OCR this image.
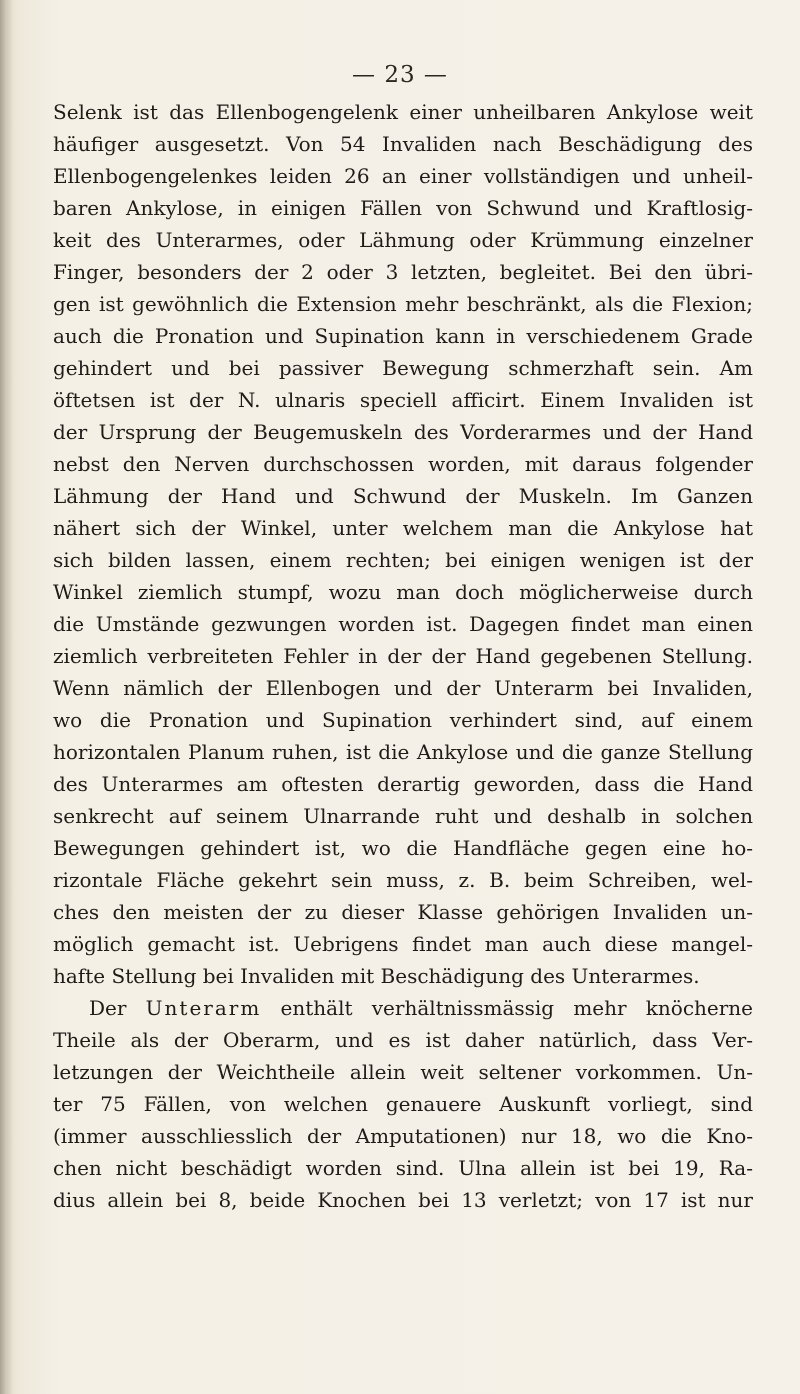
— 23 —
Selenk ist das Ellenbogengelenk einer unheilbaren Ankylose weit
häufiger ausgesetzt. Von 54 Invaliden nach Beschädigung des
Ellenbogengelenkes leiden 26 an einer vollständigen und unheil-
baren Ankylose, in einigen Fällen von Schwund und Kraftlosig-
keit des Unterarmes, oder Lähmung oder Krümmung einzelner
Finger, besonders der 2 oder 3 letzten, begleitet. Bei den übri-
gen ist gewöhnlich die Extension mehr beschränkt, als die Flexion;
auch die Pronation und Supination kann in verschiedenem Grade
gehindert und bei passiver Bewegung schmerzhaft sein. Am
öftetsen ist der N. ulnaris speciell afficirt. Einem Invaliden ist
der Ursprung der Beugemuskeln des Vorderarmes und der Hand
nebst den Nerven durchschossen worden, mit daraus folgender
Lähmung der Hand und Schwund der Muskeln. Im Ganzen
nähert sich der Winkel, unter welchem man die Ankylose hat
sich bilden lassen, einem rechten; bei einigen wenigen ist der
Winkel ziemlich stumpf, wozu man doch möglicherweise durch
die Umstände gezwungen worden ist. Dagegen findet man einen
ziemlich verbreiteten Fehler in der der Hand gegebenen Stellung.
Wenn nämlich der Ellenbogen und der Unterarm bei Invaliden,
wo die Pronation und Supination verhindert sind, auf einem
horizontalen Planum ruhen, ist die Ankylose und die ganze Stellung
des Unterarmes am oftesten derartig geworden, dass die Hand
senkrecht auf seinem Ulnarrande ruht und deshalb in solchen
Bewegungen gehindert ist, wo die Handfläche gegen eine ho-
rizontale Fläche gekehrt sein muss, z. B. beim Schreiben, wel-
ches den meisten der zu dieser Klasse gehörigen Invaliden un-
möglich gemacht ist. Uebrigens findet man auch diese mangel-
hafte Stellung bei Invaliden mit Beschädigung des Unterarmes.
Der Unterarm enthält verhältnissmässig mehr knöcherne
Theile als der Oberarm, und es ist daher natürlich, dass Ver-
letzungen der Weichtheile allein weit seltener vorkommen. Un-
ter 75 Fällen, von welchen genauere Auskunft vorliegt, sind
(immer ausschliesslich der Amputationen) nur 18, wo die Kno-
chen nicht beschädigt worden sind. Ulna allein ist bei 19, Ra-
dius allein bei 8, beide Knochen bei 13 verletzt; von 17 ist nur
